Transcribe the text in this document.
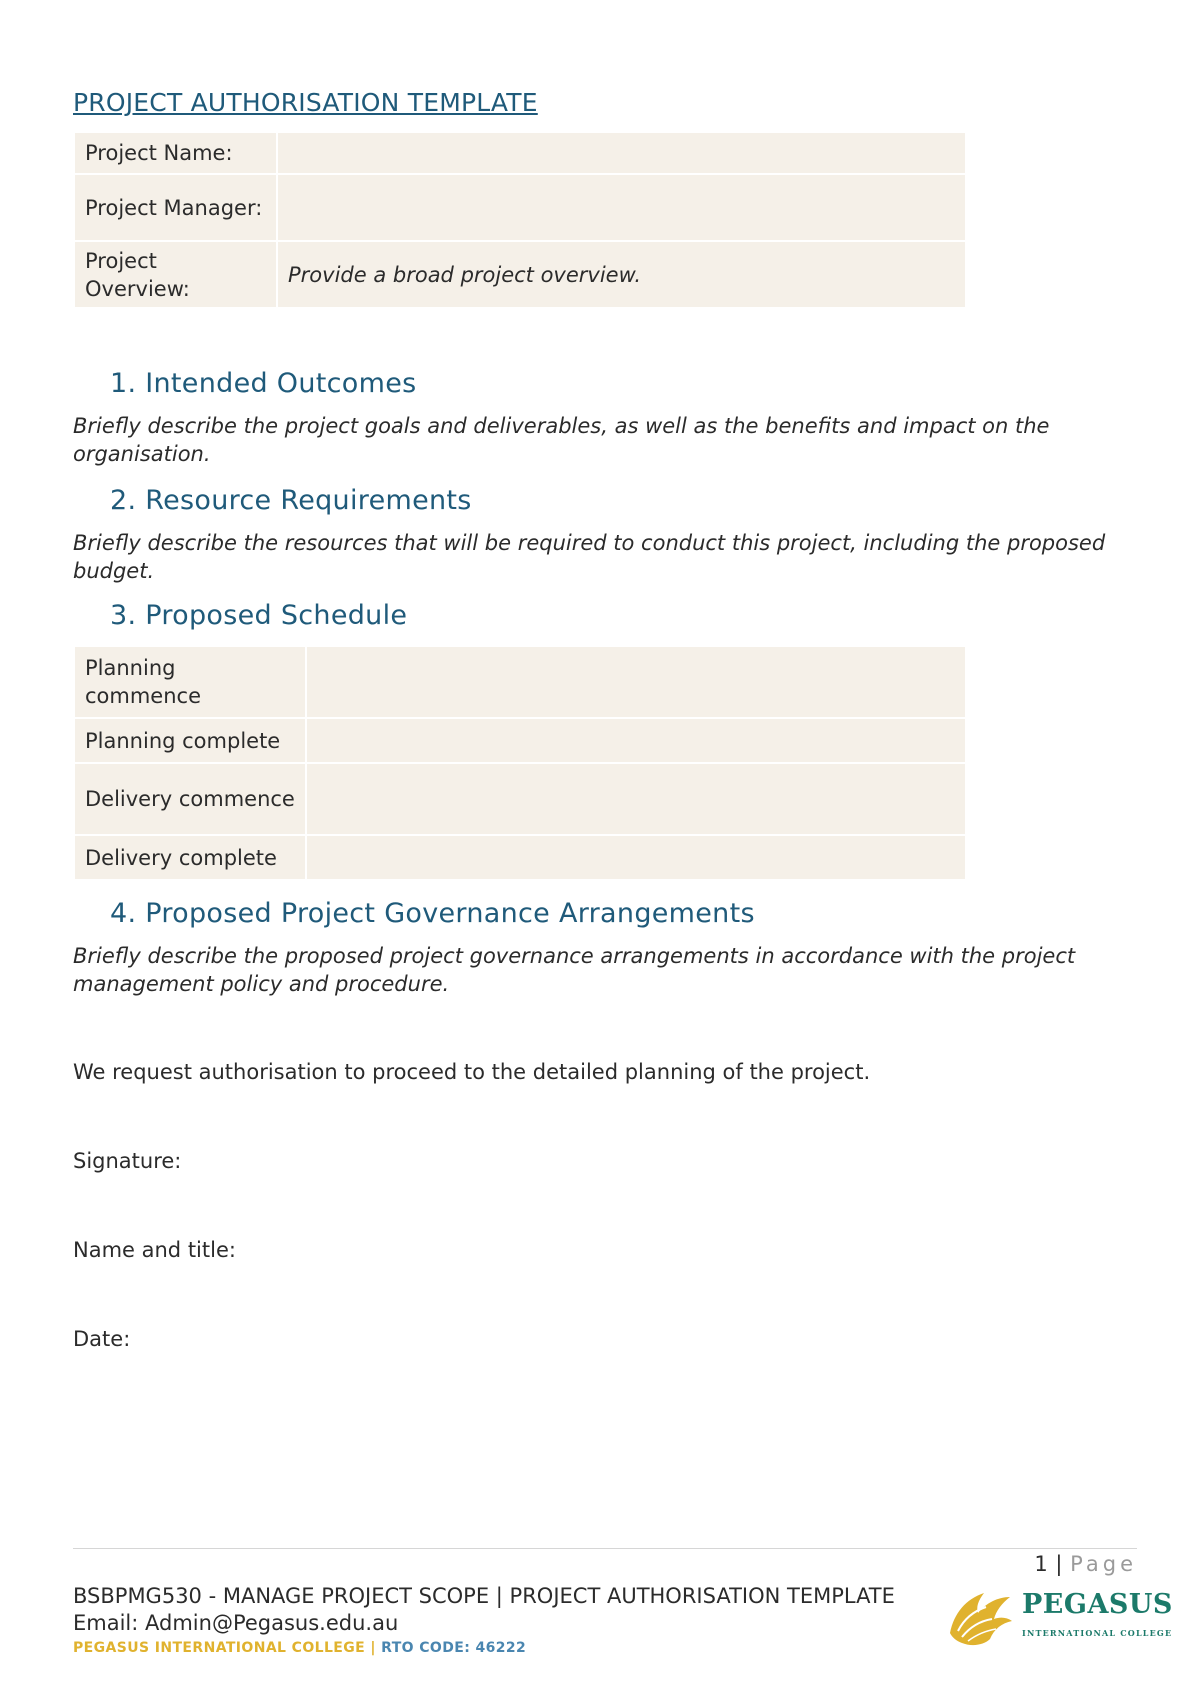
PROJECT AUTHORISATION TEMPLATE
Project Name:	
Project Manager:	
Project Overview:	Provide a broad project overview.
1. Intended Outcomes

Briefly describe the project goals and deliverables, as well as the benefits and impact on the organisation.

2. Resource Requirements

Briefly describe the resources that will be required to conduct this project, including the proposed budget.

3. Proposed Schedule
Planning commence	
Planning complete	
Delivery commence	
Delivery complete	
4. Proposed Project Governance Arrangements

Briefly describe the proposed project governance arrangements in accordance with the project management policy and procedure.

We request authorisation to proceed to the detailed planning of the project.

Signature:

Name and title:

Date:

1 | Page

BSBPMG530 - MANAGE PROJECT SCOPE | PROJECT AUTHORISATION TEMPLATE

Email: Admin@Pegasus.edu.au

PEGASUS INTERNATIONAL COLLEGE | RTO CODE: 46222

PEGASUS
INTERNATIONAL COLLEGE
